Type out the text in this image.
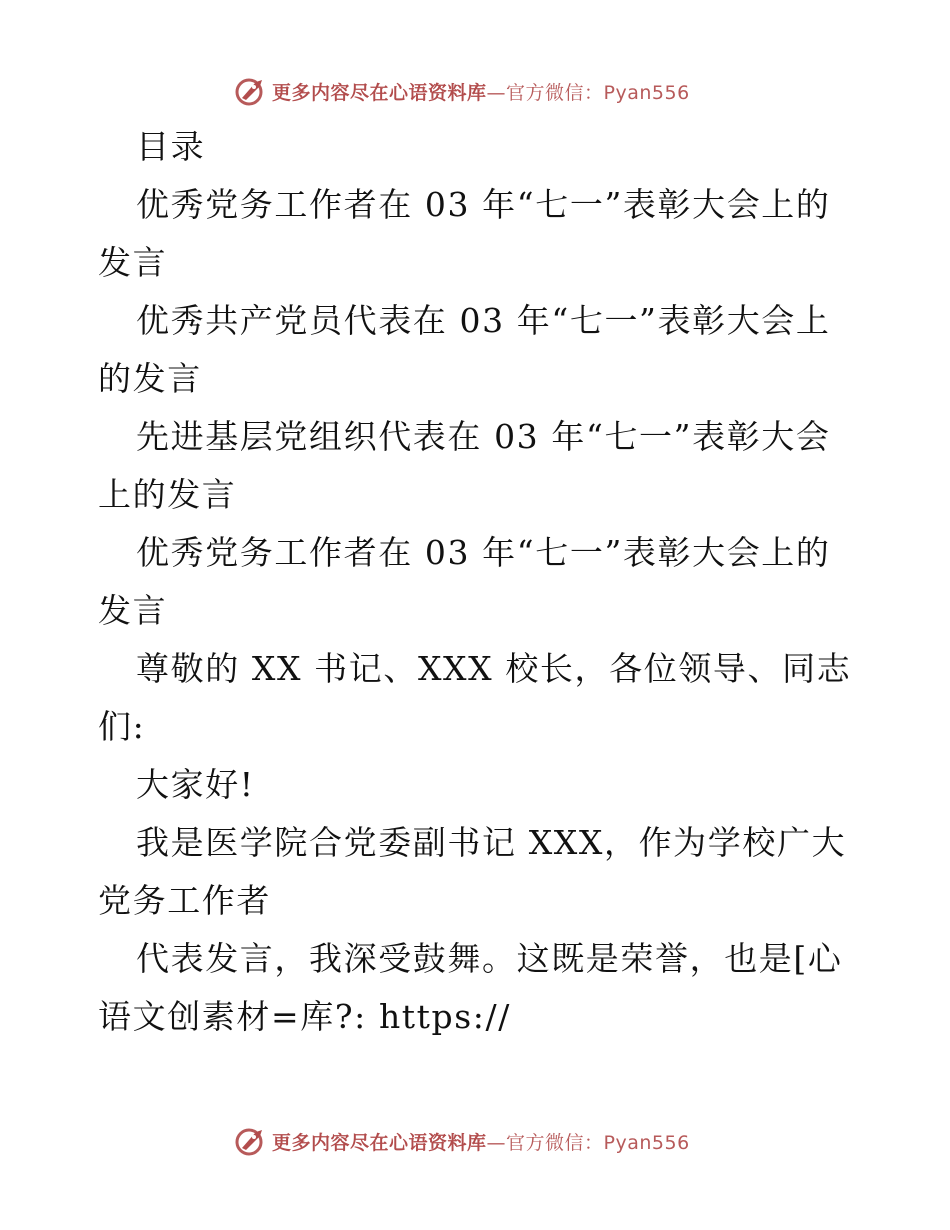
更多内容尽在心语资料库—官方微信：Pyan556

目录

优秀党务工作者在 03 年“七一”表彰大会上的发言

优秀共产党员代表在 03 年“七一”表彰大会上的发言

先进基层党组织代表在 03 年“七一”表彰大会上的发言

优秀党务工作者在 03 年“七一”表彰大会上的发言

尊敬的 XX 书记、XXX 校长，各位领导、同志们:

大家好!

我是医学院合党委副书记 XXX，作为学校广大党务工作者

代表发言，我深受鼓舞。这既是荣誉，也是[心语文创素材=库?: https://

更多内容尽在心语资料库—官方微信：Pyan556
